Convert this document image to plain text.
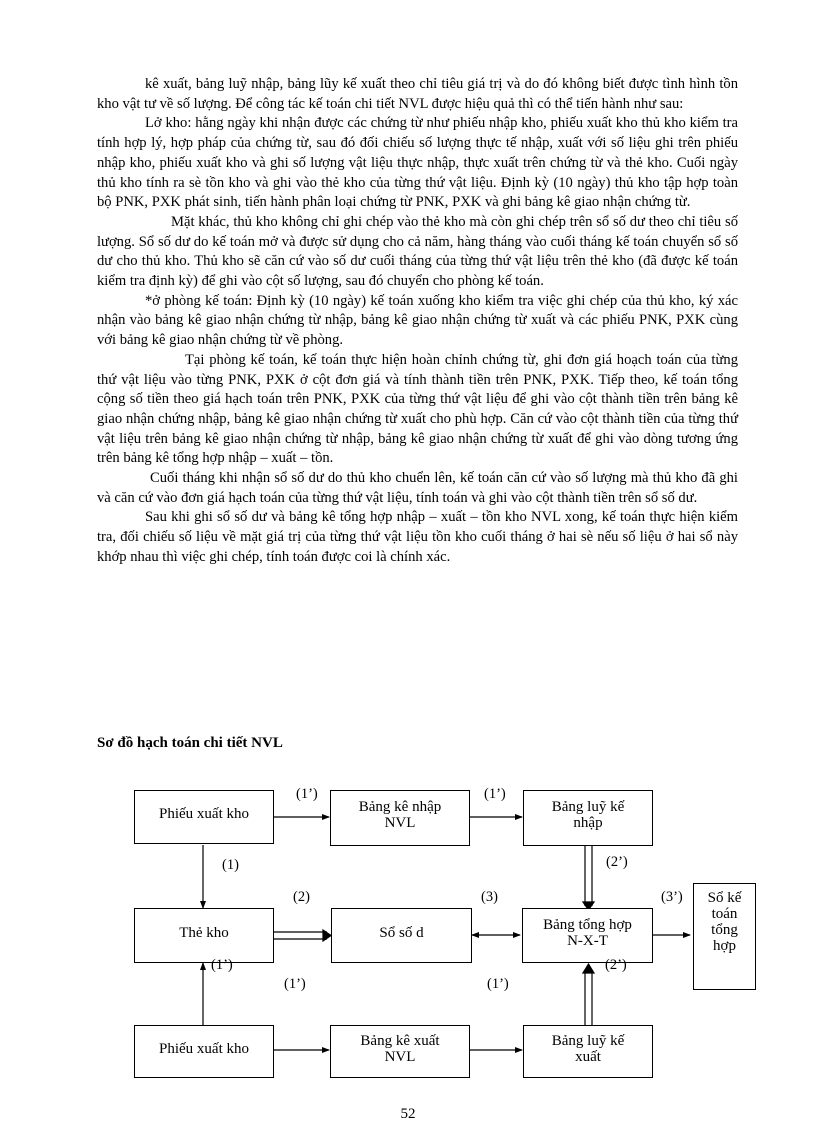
kê xuất, bảng luỹ nhập, bảng lũy kế xuất theo chỉ tiêu giá trị và do đó không biết được tình hình tồn kho vật tư về số lượng. Để công tác kế toán chi tiết NVL được hiệu quả thì có thể tiến hành như sau:

Lở kho: hằng ngày khi nhận được các chứng từ như phiếu nhập kho, phiếu xuất kho thủ kho kiểm tra tính hợp lý, hợp pháp của chứng từ, sau đó đối chiếu số lượng thực tế nhập, xuất với số liệu ghi trên phiếu nhập kho, phiếu xuất kho và ghi số lượng vật liệu thực nhập, thực xuất trên chứng từ và thẻ kho. Cuối ngày thủ kho tính ra sè tồn kho và ghi vào thẻ kho của từng thứ vật liệu. Định kỳ (10 ngày) thủ kho tập hợp toàn bộ PNK, PXK phát sinh, tiến hành phân loại chứng từ PNK, PXK và ghi bảng kê giao nhận chứng từ.

Mặt khác, thủ kho không chỉ ghi chép vào thẻ kho mà còn ghi chép trên sổ số dư theo chỉ tiêu số lượng. Sổ số dư do kế toán mở và được sử dụng cho cả năm, hàng tháng vào cuối tháng kế toán chuyển sổ số dư cho thủ kho. Thủ kho sẽ căn cứ vào số dư cuối tháng của từng thứ vật liệu trên thẻ kho (đã được kế toán kiểm tra định kỳ) để ghi vào cột số lượng, sau đó chuyển cho phòng kế toán.

*ở phòng kế toán: Định kỳ (10 ngày) kế toán xuống kho kiểm tra việc ghi chép của thủ kho, ký xác nhận vào bảng kê giao nhận chứng từ nhập, bảng kê giao nhận chứng từ xuất và các phiếu PNK, PXK cùng với bảng kê giao nhận chứng từ về phòng.

Tại phòng kế toán, kế toán thực hiện hoàn chỉnh chứng từ, ghi đơn giá hoạch toán của từng thứ vật liệu vào từng PNK, PXK ở cột đơn giá và tính thành tiền trên PNK, PXK. Tiếp theo, kế toán tổng cộng số tiền theo giá hạch toán trên PNK, PXK của từng thứ vật liệu để ghi vào cột thành tiền trên bảng kê giao nhận chứng nhập, bảng kê giao nhận chứng từ xuất cho phù hợp. Căn cứ vào cột thành tiền của từng thứ vật liệu trên bảng kê giao nhận chứng từ nhập, bảng kê giao nhận chứng từ xuất để ghi vào dòng tương ứng trên bảng kê tổng hợp nhập – xuất – tồn.

Cuối tháng khi nhận sổ số dư do thủ kho chuển lên, kế toán căn cứ vào số lượng mà thủ kho đã ghi và căn cứ vào đơn giá hạch toán của từng thứ vật liệu, tính toán và ghi vào cột thành tiền trên sổ số dư.

Sau khi ghi sổ số dư và bảng kê tổng hợp nhập – xuất – tồn kho NVL xong, kế toán thực hiện kiểm tra, đối chiếu số liệu về mặt giá trị của từng thứ vật liệu tồn kho cuối tháng ở hai sè nếu số liệu ở hai sổ này khớp nhau thì việc ghi chép, tính toán được coi là chính xác.

Sơ đồ hạch toán chi tiết NVL
Phiếu xuất kho	Bảng kê nhập NVL
Bảng luỹ kế nhập
Thẻ kho	Sổ số d	Bảng tổng hợp N-X-T
Sổ kế toán tổng hợp
Phiếu xuất kho	Bảng kê xuất NVL
Bảng luỹ kế xuất
(1’)	(1’)
(1)	(2’)
(2)	(3)	(3’)
(1’)
(1’)	(1’)
(2’)
52
